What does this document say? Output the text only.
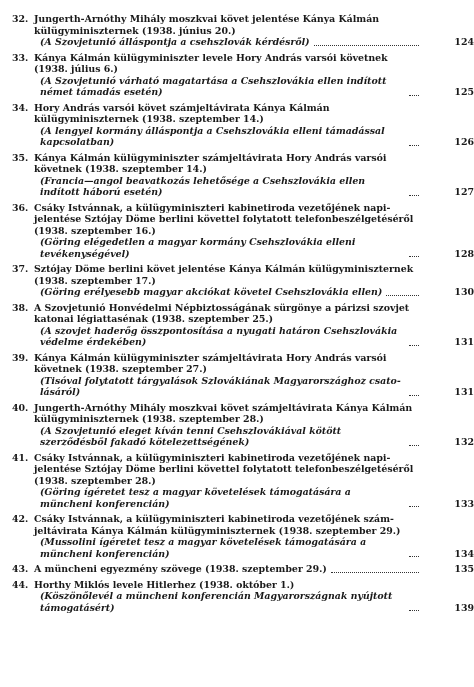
32. Jungerth-Arnóthy Mihály moszkvai követ jelentése Kánya Kálmán külügyminiszternek (1938. június 20.)
(A Szovjetunió álláspontja a csehszlovák kérdésről)	124
33. Kánya Kálmán külügyminiszter levele Hory András varsói követnek (1938. július 6.)
(A Szovjetunió várható magatartása a Csehszlovákia ellen indított német támadás esetén)	125
34. Hory András varsói követ számjeltávirata Kánya Kálmán külügyminiszternek (1938. szeptember 14.)
(A lengyel kormány álláspontja a Csehszlovákia elleni támadással kapcsolatban)	126
35. Kánya Kálmán külügyminiszter számjeltávirata Hory András varsói követnek (1938. szeptember 14.)
(Francia—angol beavatkozás lehetősége a Csehszlovákia ellen indított háború esetén)	127
36. Csáky Istvánnak, a külügyminiszteri kabinetiroda vezetőjének napijelentése Sztójay Döme berlini követtel folytatott telefonbeszélgetéséről (1938. szeptember 16.)
(Göring elégedetlen a magyar kormány Csehszlovákia elleni tevékenységével)	128
37. Sztójay Döme berlini követ jelentése Kánya Kálmán külügyminiszternek (1938. szeptember 17.)
(Göring erélyesebb magyar akciókat követel Csehszlovákia ellen)	130
38. A Szovjetunió Honvédelmi Népbiztosságának sürgönye a párizsi szovjet katonai légiattasénak (1938. szeptember 25.)
(A szovjet haderőg összpontosítása a nyugati határon Csehszlovákia védelme érdekében)	131
39. Kánya Kálmán külügyminiszter számjeltávirata Hory András varsói követnek (1938. szeptember 27.)
(Tisóval folytatott tárgyalások Szlovákiának Magyarországhoz csatolásáról)	131
40. Jungerth-Arnóthy Mihály moszkvai követ számjeltávirata Kánya Kálmán külügyminiszternek (1938. szeptember 28.)
(A Szovjetunió eleget kíván tenni Csehszlovákiával kötött szerződésből fakadó kötelezettségének)	132
41. Csáky Istvánnak, a külügyminiszteri kabinetiroda vezetőjének napijelentése Sztójay Döme berlini követtel folytatott telefonbeszélgetéséről (1938. szeptember 28.)
(Göring ígéretet tesz a magyar követelések támogatására a müncheni konferencián)	133
42. Csáky Istvánnak, a külügyminiszteri kabinetiroda vezetőjének számjeltávirata Kánya Kálmán külügyminiszternek (1938. szeptember 29.)
(Mussolini ígéretet tesz a magyar követelések támogatására a müncheni konferencián)	134
43. A müncheni egyezmény szövege (1938. szeptember 29.)	135
44. Horthy Miklós levele Hitlerhez (1938. október 1.)
(Köszönőlevél a müncheni konferencián Magyarországnak nyújtott támogatásért)	139
